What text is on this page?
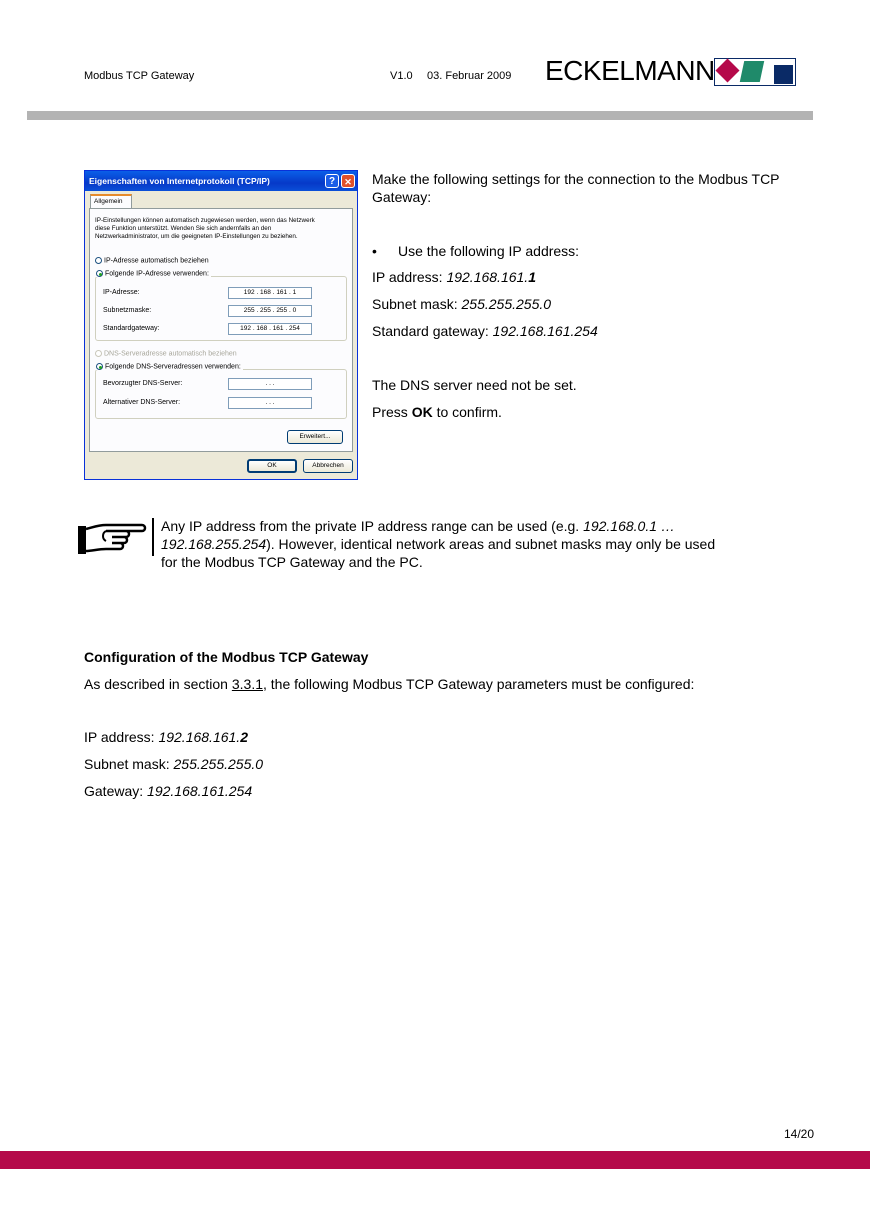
Modbus TCP Gateway	V1.0 03. Februar 2009 ECKELMANN
Eigenschaften von Internetprotokoll (TCP/IP)	?	✕
Allgemein
IP-Einstellungen können automatisch zugewiesen werden, wenn das Netzwerk diese Funktion unterstützt. Wenden Sie sich andernfalls an den Netzwerkadministrator, um die geeigneten IP-Einstellungen zu beziehen.
IP-Adresse automatisch beziehen
Folgende IP-Adresse verwenden:
IP-Adresse:	192 . 168 . 161 . 1
Subnetzmaske:	255 . 255 . 255 . 0
Standardgateway:	192 . 168 . 161 . 254
DNS-Serveradresse automatisch beziehen
Folgende DNS-Serveradressen verwenden:
Bevorzugter DNS-Server:	. . .
Alternativer DNS-Server:	. . .
Erweitert...
OK	Abbrechen
Make the following settings for the connection to the Modbus TCP Gateway:
• Use the following IP address:
IP address: 192.168.161.1
Subnet mask: 255.255.255.0
Standard gateway: 192.168.161.254
The DNS server need not be set.
Press OK to confirm.
Any IP address from the private IP address range can be used (e.g. 192.168.0.1 …
192.168.255.254). However, identical network areas and subnet masks may only be used
for the Modbus TCP Gateway and the PC.
Configuration of the Modbus TCP Gateway
As described in section 3.3.1, the following Modbus TCP Gateway parameters must be configured:
IP address: 192.168.161.2
Subnet mask: 255.255.255.0
Gateway: 192.168.161.254
14/20
